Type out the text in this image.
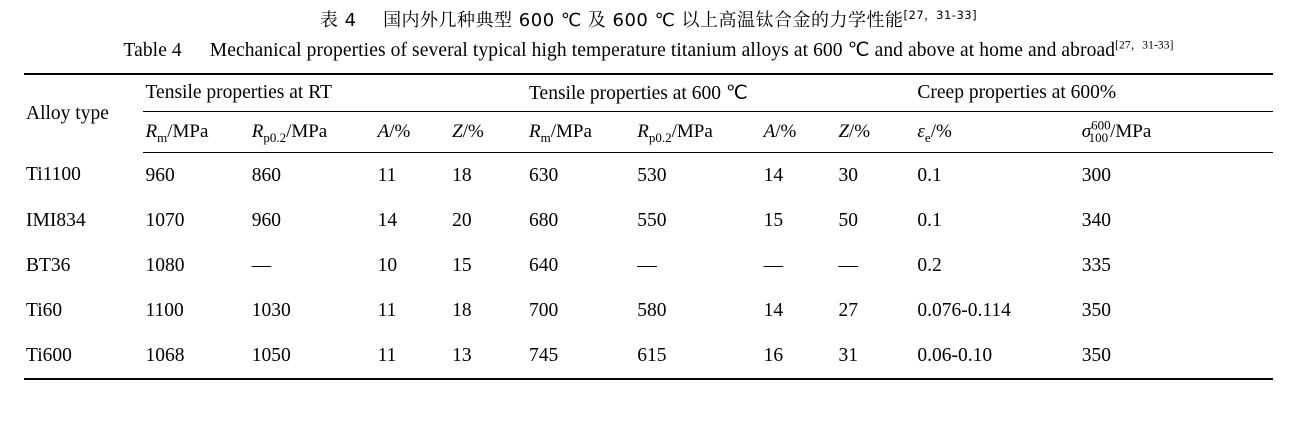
表 4 国内外几种典型 600 ℃ 及 600 ℃ 以上高温钛合金的力学性能[27，31-33]
Table 4 Mechanical properties of several typical high temperature titanium alloys at 600 ℃ and above at home and abroad[27，31-33]
Alloy type	Tensile properties at RT				Tensile properties at 600 ℃				Creep properties at 600%	
	$R_m$/MPa	$R_{p0.2}$/MPa	A/%	Z/%	$R_m$/MPa	$R_{p0.2}$/MPa	A/%	Z/%	$\varepsilon_e/\%$	$\sigma^{600}_{100}$ /MPa
Ti1100	960	860	11	18	630	530	14	30	0.1	300
IMI834	1070	960	14	20	680	550	15	50	0.1	340
BT36	1080	—	10	15	640	—	—	—	0.2	335
Ti60	1100	1030	11	18	700	580	14	27	0.076-0.114	350
Ti600	1068	1050	11	13	745	615	16	31	0.06-0.10	350
